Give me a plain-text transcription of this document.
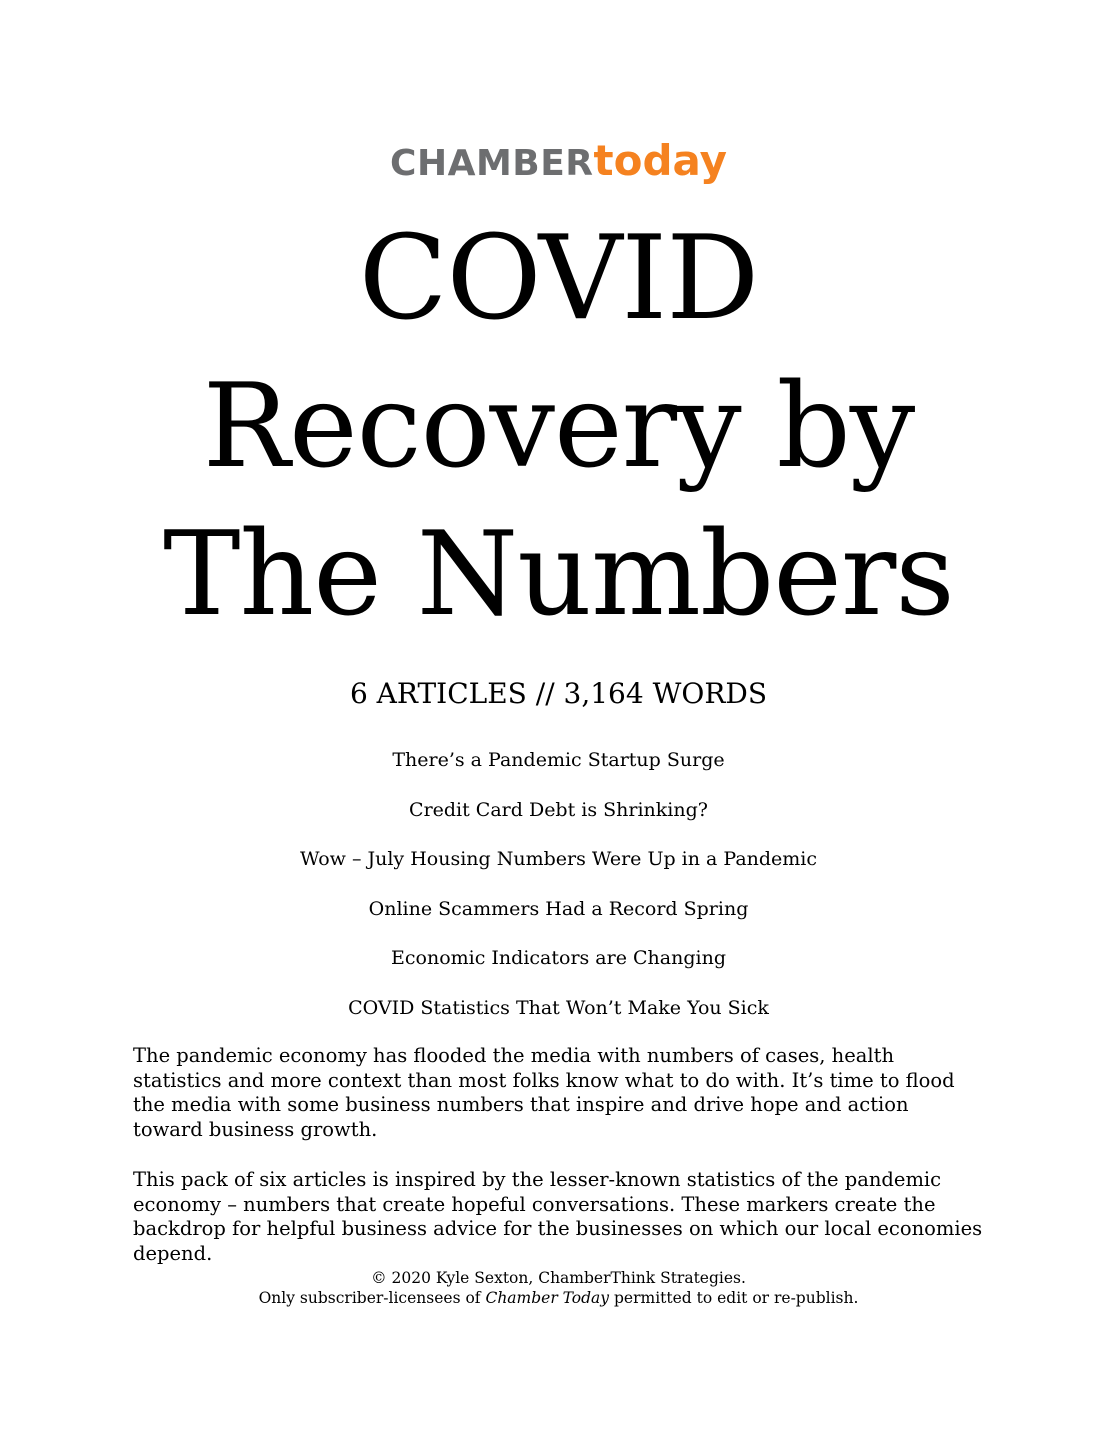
CHAMBERtoday
COVID
Recovery by
The Numbers
6 ARTICLES // 3,164 WORDS
There’s a Pandemic Startup Surge
Credit Card Debt is Shrinking?
Wow – July Housing Numbers Were Up in a Pandemic
Online Scammers Had a Record Spring
Economic Indicators are Changing
COVID Statistics That Won’t Make You Sick

The pandemic economy has flooded the media with numbers of cases, health statistics and more context than most folks know what to do with. It’s time to flood the media with some business numbers that inspire and drive hope and action toward business growth.

This pack of six articles is inspired by the lesser-known statistics of the pandemic economy – numbers that create hopeful conversations. These markers create the backdrop for helpful business advice for the businesses on which our local economies depend.

© 2020 Kyle Sexton, ChamberThink Strategies.
Only subscriber-licensees of Chamber Today permitted to edit or re-publish.
